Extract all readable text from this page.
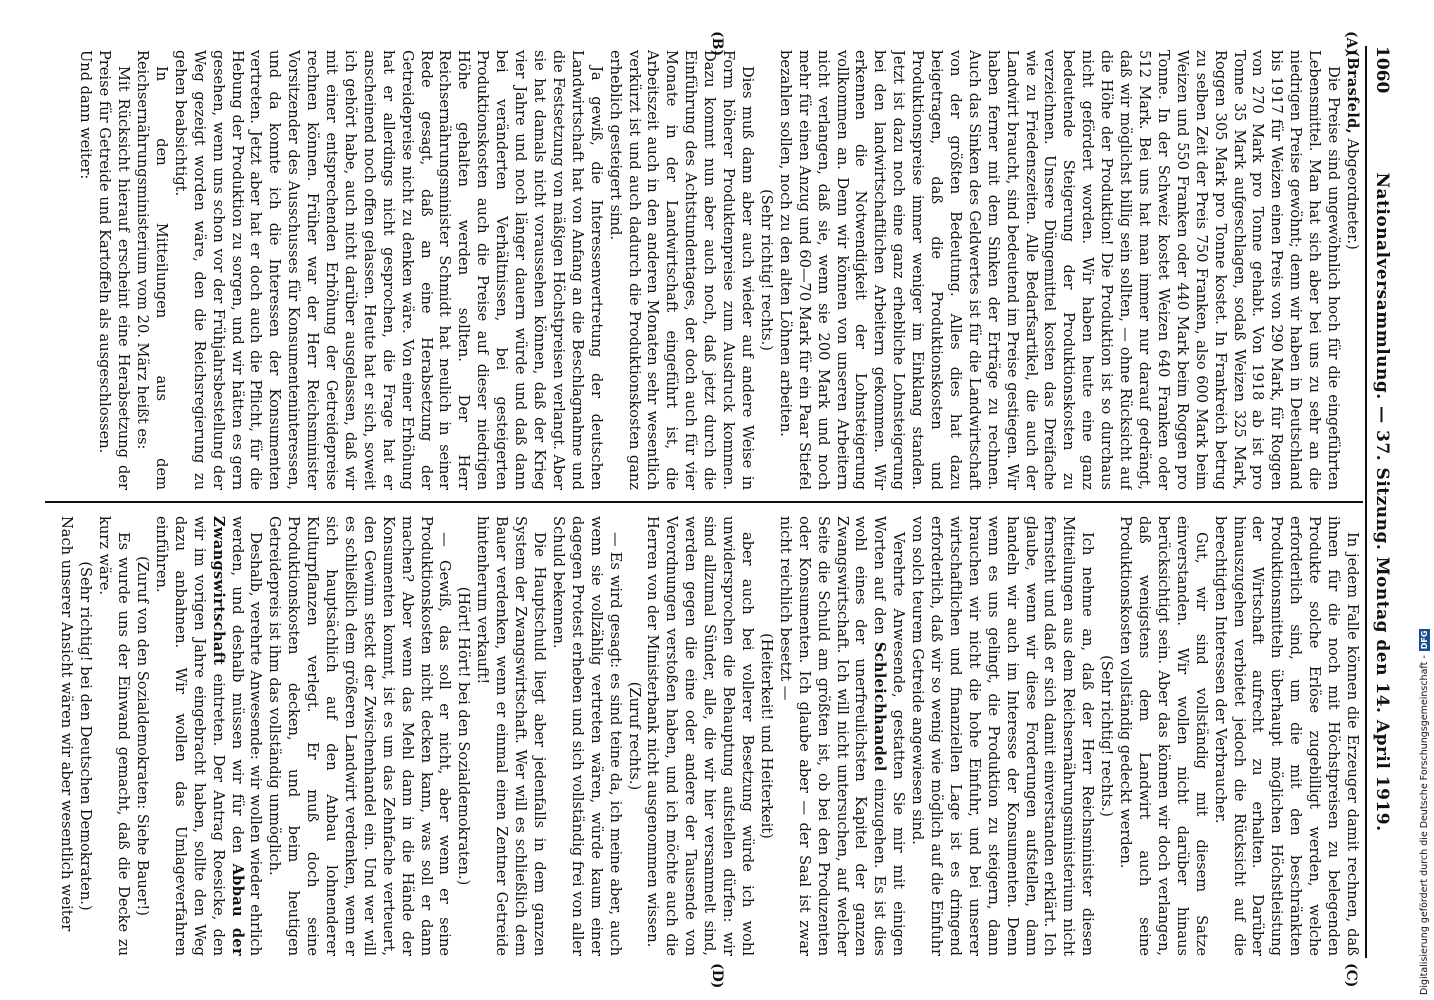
1060
Nationalversammlung. — 37. Sitzung. Montag den 14. April 1919.
(A)
(B)
(C)
(D)

(Brasfeld, Abgeordneter.)

Die Preise sind ungewöhnlich hoch für die eingeführten Lebensmittel. Man hat sich aber bei uns zu sehr an die niedrigen Preise gewöhnt; denn wir haben in Deutschland bis 1917 für Weizen einen Preis von 290 Mark, für Roggen von 270 Mark pro Tonne gehabt. Von 1918 ab ist pro Tonne 35 Mark aufgeschlagen, sodaß Weizen 325 Mark, Roggen 305 Mark pro Tonne kostet. In Frankreich betrug zu selben Zeit der Preis 750 Franken, also 600 Mark beim Weizen und 550 Franken oder 440 Mark beim Roggen pro Tonne. In der Schweiz kostet Weizen 640 Franken oder 512 Mark. Bei uns hat man immer nur darauf gedrängt, daß wir möglichst billig sein sollten, — ohne Rücksicht auf die Höhe der Produktion! Die Produktion ist so durchaus nicht gefördert worden. Wir haben heute eine ganz bedeutende Steigerung der Produktionskosten zu verzeichnen. Unsere Düngemittel kosten das Dreifache wie zu Friedenszeiten. Alle Bedarfsartikel, die auch der Landwirt braucht, sind bedeutend im Preise gestiegen. Wir haben ferner mit dem Sinken der Erträge zu rechnen. Auch das Sinken des Geldwertes ist für die Landwirtschaft von der größten Bedeutung. Alles dies hat dazu beigetragen, daß die Produktionskosten und Produktionspreise immer weniger im Einklang standen. Jetzt ist dazu noch eine ganz erhebliche Lohnsteigerung bei den landwirtschaftlichen Arbeitern gekommen. Wir erkennen die Notwendigkeit der Lohnsteigerung vollkommen an. Denn wir können von unseren Arbeitern nicht verlangen, daß sie, wenn sie 200 Mark und noch mehr für einen Anzug und 60—70 Mark für ein Paar Stiefel bezahlen sollen, noch zu den alten Löhnen arbeiten.

(Sehr richtig! rechts.)

Dies muß dann aber auch wieder auf andere Weise in Form höherer Produktenpreise zum Ausdruck kommen. Dazu kommt nun aber auch noch, daß jetzt durch die Einführung des Achtstundentages, der doch auch für vier Monate in der Landwirtschaft eingeführt ist, die Arbeitszeit auch in den anderen Monaten sehr wesentlich verkürzt ist und auch dadurch die Produktionskosten ganz erheblich gesteigert sind.

Ja gewiß, die Interessenvertretung der deutschen Landwirtschaft hat von Anfang an die Beschlagnahme und die Festsetzung von mäßigen Höchstpreisen verlangt. Aber sie hat damals nicht voraussehen können, daß der Krieg vier Jahre und noch länger dauern würde und daß dann bei veränderten Verhältnissen, bei gesteigerten Produktionskosten auch die Preise auf dieser niedrigen Höhe gehalten werden sollten. Der Herr Reichsernährungsminister Schmidt hat neulich in seiner Rede gesagt, daß an eine Herabsetzung der Getreidepreise nicht zu denken wäre. Von einer Erhöhung hat er allerdings nicht gesprochen, die Frage hat er anscheinend noch offen gelassen. Heute hat er sich, soweit ich gehört habe, auch nicht darüber ausgelassen, daß wir mit einer entsprechenden Erhöhung der Getreidepreise rechnen können. Früher war der Herr Reichsminister Vorsitzender des Ausschusses für Konsumenteninteressen, und da konnte ich die Interessen der Konsumenten vertreten. Jetzt aber hat er doch auch die Pflicht, für die Hebung der Produktion zu sorgen, und wir hätten es gern gesehen, wenn uns schon vor der Frühjahrsbestellung der Weg gezeigt worden wäre, den die Reichsregierung zu gehen beabsichtigt.

In den Mitteilungen aus dem Reichsernährungsministerium vom 20. März heißt es:

Mit Rücksicht hierauf erscheint eine Herabsetzung der Preise für Getreide und Kartoffeln als ausgeschlossen.

Und dann weiter:

In jedem Falle können die Erzeuger damit rechnen, daß ihnen für die noch mit Höchstpreisen zu belegenden Produkte solche Erlöse zugebilligt werden, welche erforderlich sind, um die mit den beschränkten Produktionsmitteln überhaupt möglichen Höchstleistung der Wirtschaft aufrecht zu erhalten. Darüber hinauszugehen verbietet jedoch die Rücksicht auf die berechtigten Interessen der Verbraucher.

Gut, wir sind vollständig mit diesem Satze einverstanden. Wir wollen nicht darüber hinaus berücksichtigt sein. Aber das können wir doch verlangen, daß wenigstens dem Landwirt auch seine Produktionskosten vollständig gedeckt werden.

(Sehr richtig! rechts.)

Ich nehme an, daß der Herr Reichsminister diesen Mitteilungen aus dem Reichsernährungsministerium nicht fernsteht und daß er sich damit einverstanden erklärt. Ich glaube, wenn wir diese Forderungen aufstellen, dann handeln wir auch im Interesse der Konsumenten. Denn wenn es uns gelingt, die Produktion zu steigern, dann brauchen wir nicht die hohe Einfuhr, und bei unserer wirtschaftlichen und finanziellen Lage ist es dringend erforderlich, daß wir so wenig wie möglich auf die Einfuhr von solch teurem Getreide angewiesen sind.

Verehrte Anwesende, gestatten Sie mir mit einigen Worten auf den Schleichhandel einzugehen. Es ist dies wohl eines der unerfreulichsten Kapitel der ganzen Zwangswirtschaft. Ich will nicht untersuchen, auf welcher Seite die Schuld am größten ist, ob bei den Produzenten oder Konsumenten. Ich glaube aber — der Saal ist zwar nicht reichlich besetzt —

(Heiterkeit! und Heiterkeit)

aber auch bei vollerer Besetzung würde ich wohl unwidersprochen die Behauptung aufstellen dürfen: wir sind allzumal Sünder, alle, die wir hier versammelt sind, werden gegen die eine oder andere der Tausende von Verordnungen verstoßen haben, und ich möchte auch die Herren von der Ministerbank nicht ausgenommen wissen.

(Zuruf rechts.)

— Es wird gesagt: es sind teine da, ich meine aber, auch wenn sie vollzählig vertreten wären, würde kaum einer dagegen Protest erheben und sich vollständig frei von aller Schuld bekennen.

Die Hauptschuld liegt aber jedenfalls in dem ganzen System der Zwangswirtschaft. Wer will es schließlich dem Bauer verdenken, wenn er einmal einen Zentner Getreide hintenherum verkauft!

(Hört! Hört! bei den Sozialdemokraten.)

— Gewiß, das soll er nicht, aber wenn er seine Produktionskosten nicht decken kann, was soll er dann machen? Aber wenn das Mehl dann in die Hände der Konsumenten kommt, ist es um das Zehnfache verteuert, den Gewinn steckt der Zwischenhandel ein. Und wer will es schließlich dem größeren Landwirt verdenken, wenn er sich hauptsächlich auf den Anbau lohnenderer Kulturpflanzen verlegt. Er muß doch seine Produktionskosten decken, und beim heutigen Getreidepreis ist ihm das vollständig unmöglich.

Deshalb, verehrte Anwesende: wir wollen wieder ehrlich werden, und deshalb müssen wir für den Abbau der Zwangswirtschaft eintreten. Der Antrag Roesicke, den wir im vorigen Jahre eingebracht haben, sollte den Weg dazu anbahnen. Wir wollen das Umlageverfahren einführen.

(Zuruf von den Sozialdemokraten: Siehe Bauer!)

Es wurde uns der Einwand gemacht, daß die Decke zu kurz wäre.

(Sehr richtig! bei den Deutschen Demokraten.)

Nach unserer Ansicht wären wir aber wesentlich weiter	Digitalisierung gefördert durch die Deutsche Forschungsgemeinschaft -DFG
